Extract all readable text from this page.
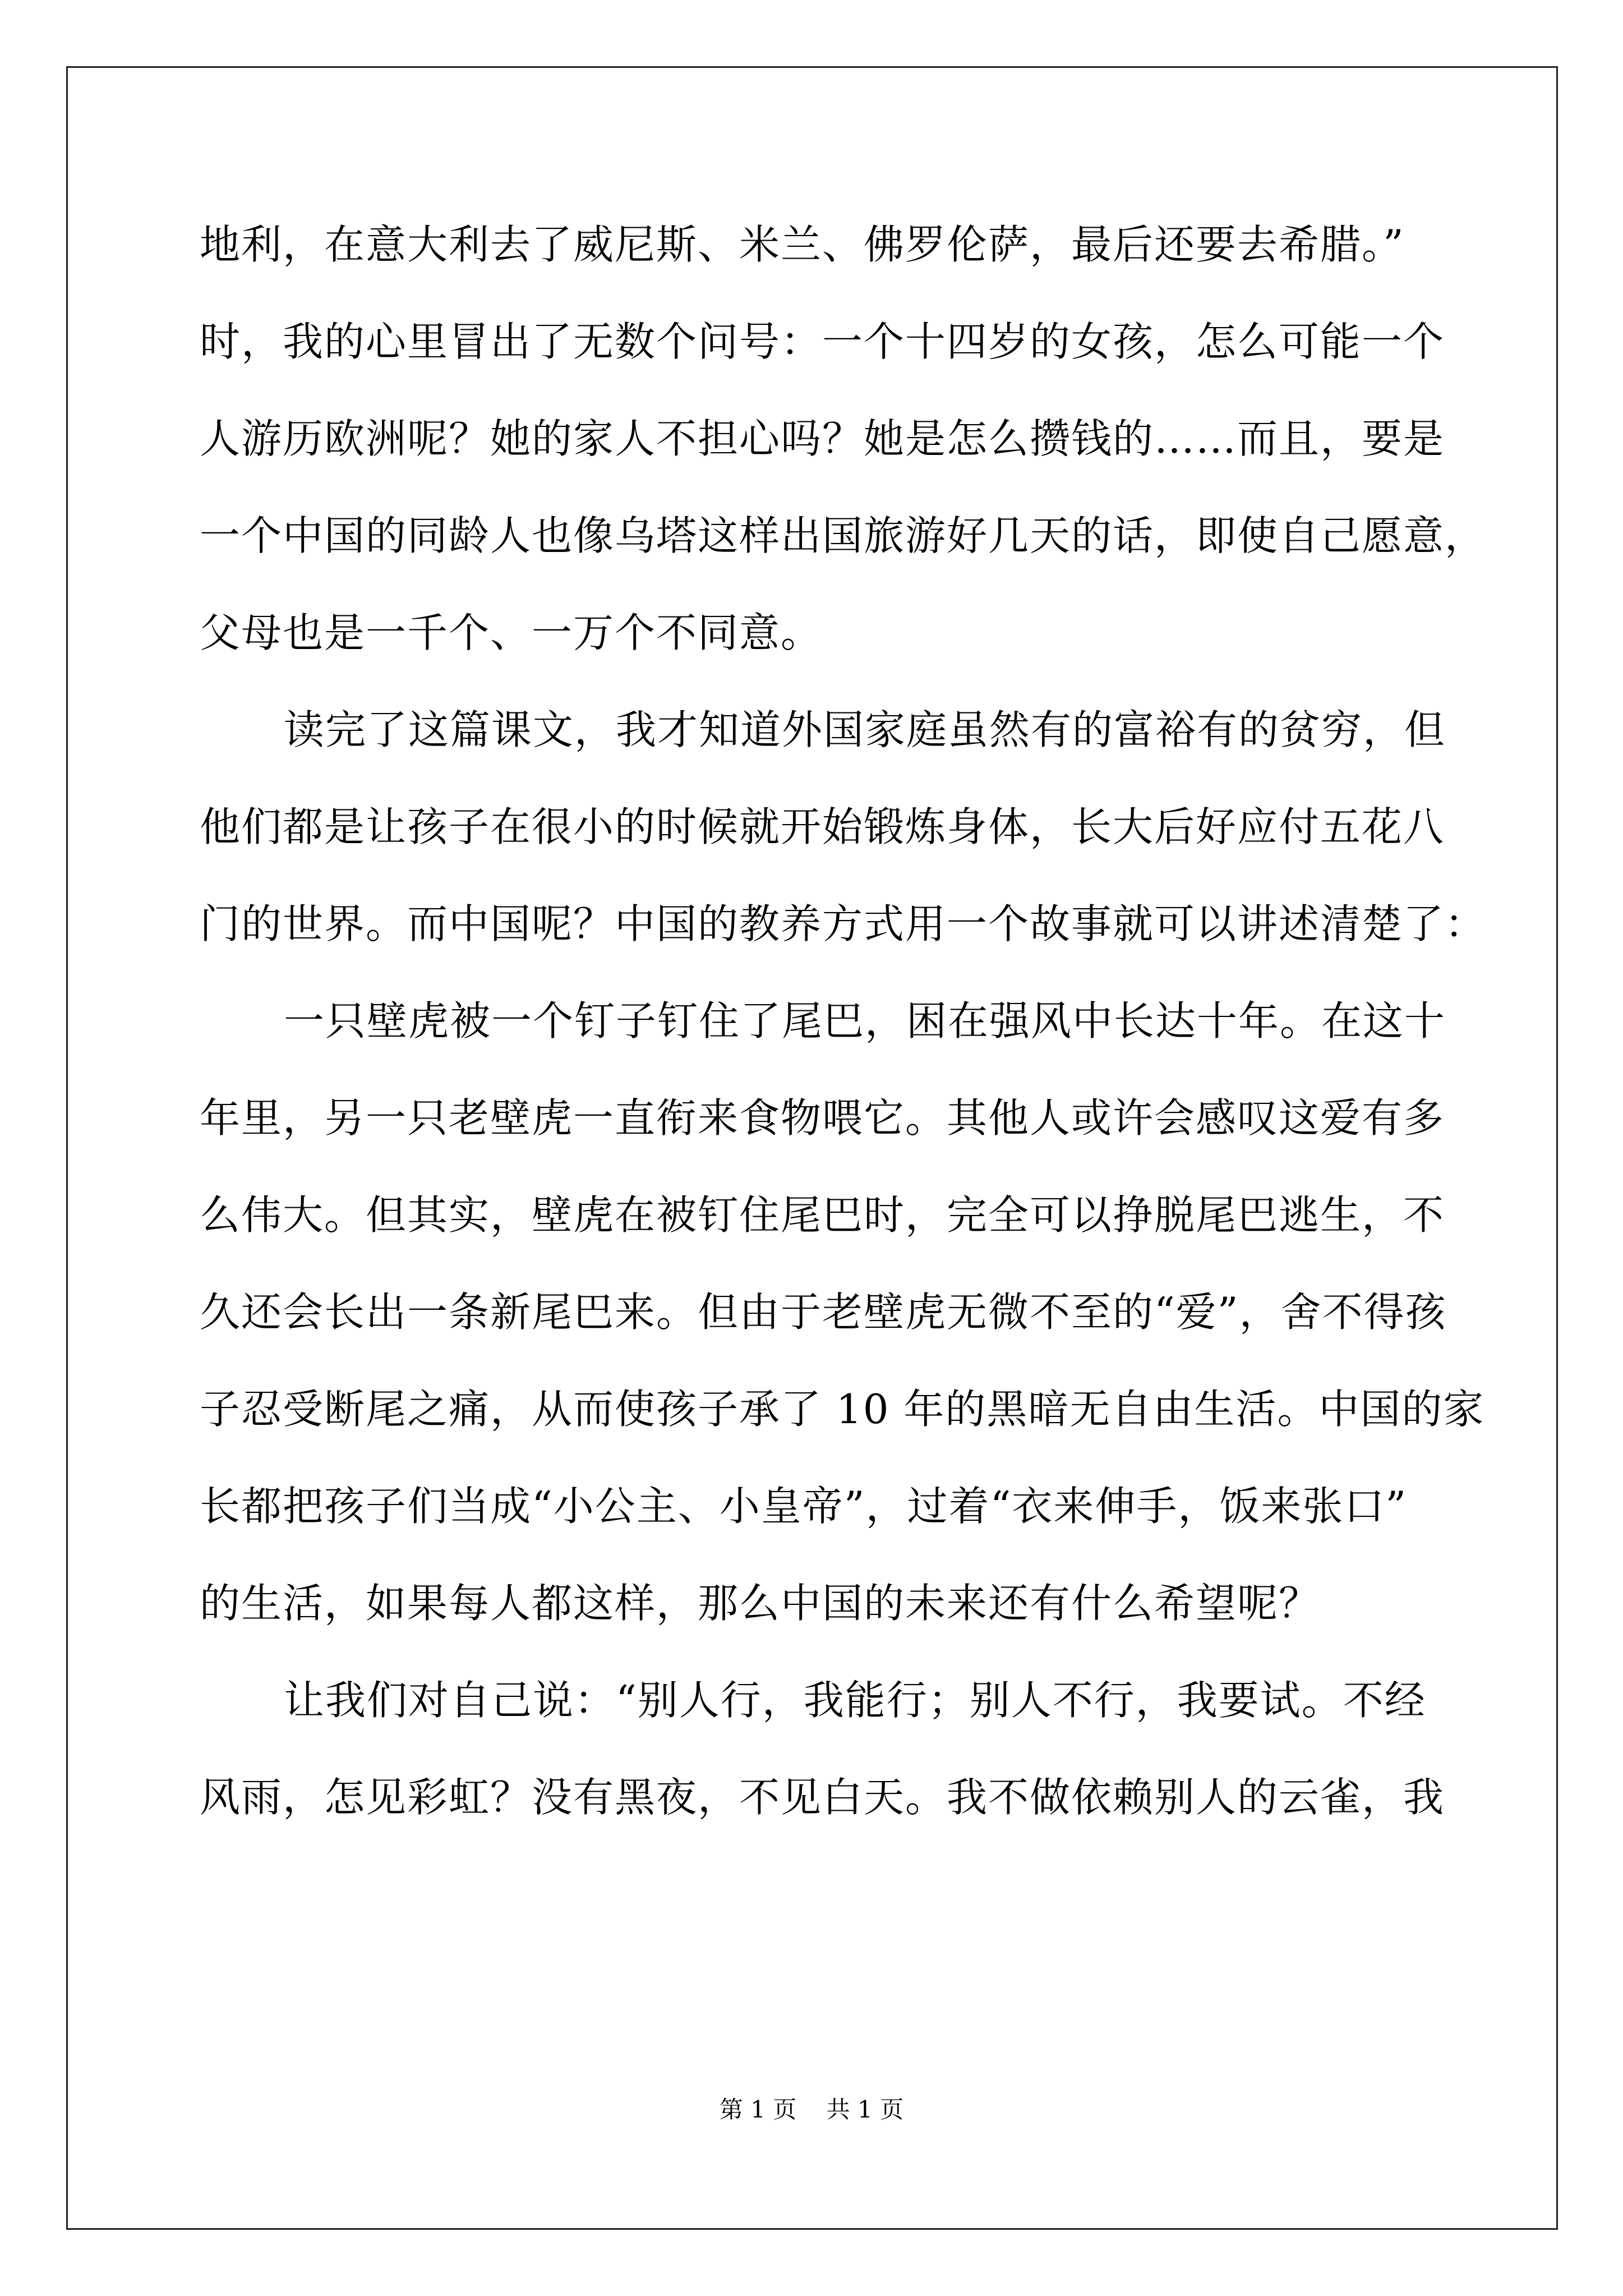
地利，在意大利去了威尼斯、米兰、佛罗伦萨，最后还要去希腊。”
时，我的心里冒出了无数个问号：一个十四岁的女孩，怎么可能一个
人游历欧洲呢？她的家人不担心吗？她是怎么攒钱的……而且，要是
一个中国的同龄人也像乌塔这样出国旅游好几天的话，即使自己愿意，
父母也是一千个、一万个不同意。
读完了这篇课文，我才知道外国家庭虽然有的富裕有的贫穷，但
他们都是让孩子在很小的时候就开始锻炼身体，长大后好应付五花八
门的世界。而中国呢？中国的教养方式用一个故事就可以讲述清楚了：
一只壁虎被一个钉子钉住了尾巴，困在强风中长达十年。在这十
年里，另一只老壁虎一直衔来食物喂它。其他人或许会感叹这爱有多
么伟大。但其实，壁虎在被钉住尾巴时，完全可以挣脱尾巴逃生，不
久还会长出一条新尾巴来。但由于老壁虎无微不至的“爱”，舍不得孩
子忍受断尾之痛，从而使孩子承了 10 年的黑暗无自由生活。中国的家
长都把孩子们当成“小公主、小皇帝”，过着“衣来伸手，饭来张口”
的生活，如果每人都这样，那么中国的未来还有什么希望呢？
让我们对自己说：“别人行，我能行；别人不行，我要试。不经
风雨，怎见彩虹？没有黑夜，不见白天。我不做依赖别人的云雀，我
第 1 页 共 1 页
